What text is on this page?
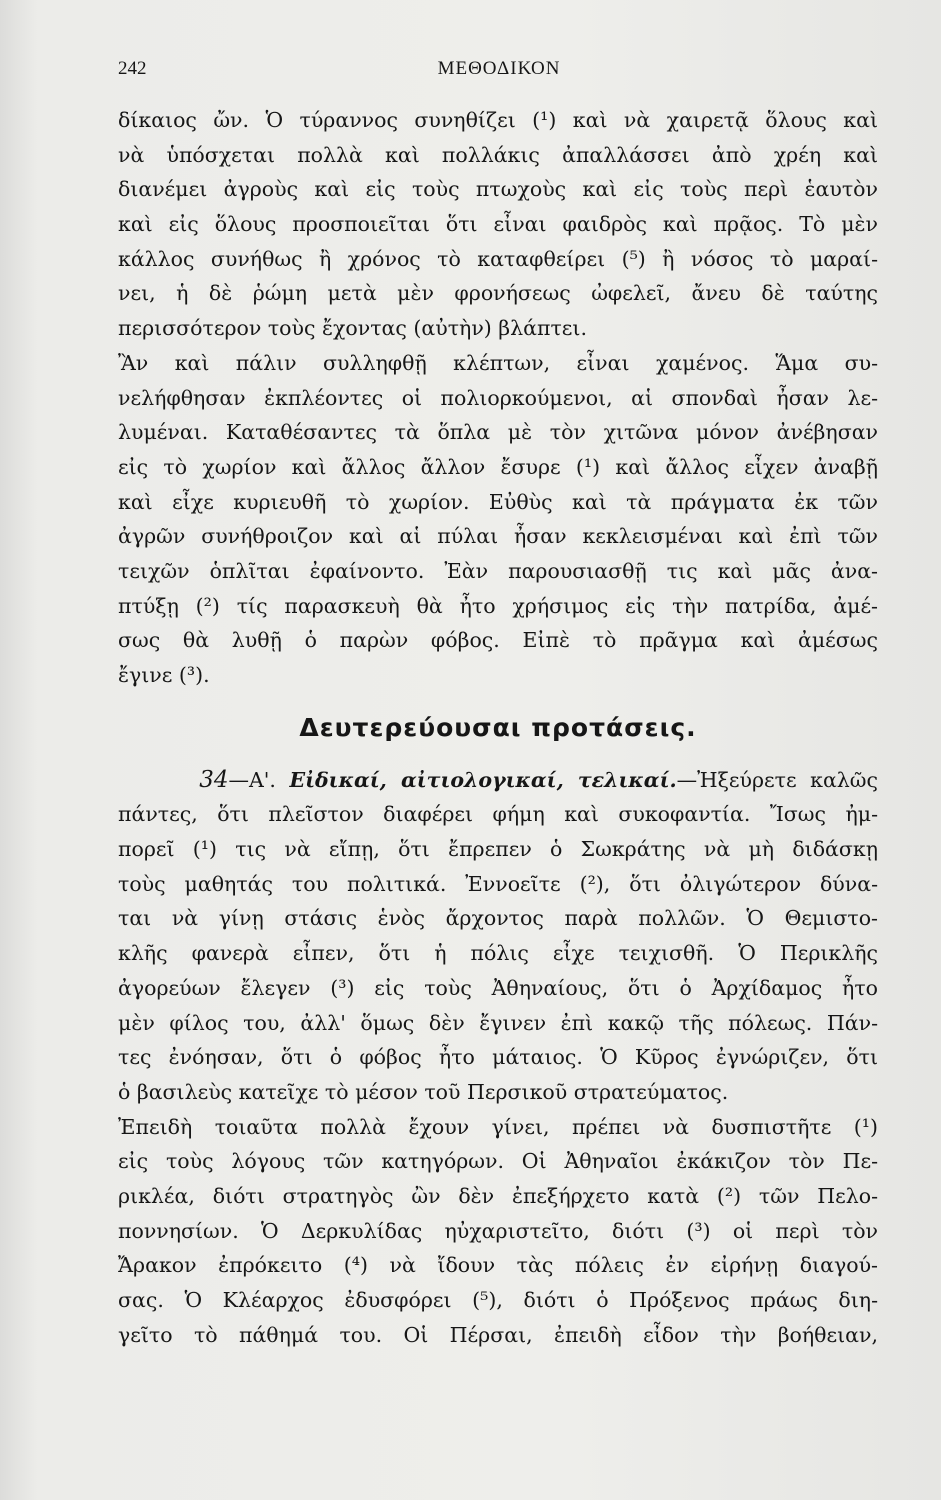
242	ΜΕΘΟΔΙΚΟΝ
δίκαιος ὤν. Ὁ τύραννος συνηθίζει (¹) καὶ νὰ χαιρετᾷ ὅλους καὶ
νὰ ὑπόσχεται πολλὰ καὶ πολλάκις ἀπαλλάσσει ἀπὸ χρέη καὶ
διανέμει ἀγροὺς καὶ εἰς τοὺς πτωχοὺς καὶ εἰς τοὺς περὶ ἑαυτὸν
καὶ εἰς ὅλους προσποιεῖται ὅτι εἶναι φαιδρὸς καὶ πρᾷος. Τὸ μὲν
κάλλος συνήθως ἢ χρόνος τὸ καταφθείρει (⁵) ἢ νόσος τὸ μαραί-
νει, ἡ δὲ ῥώμη μετὰ μὲν φρονήσεως ὠφελεῖ, ἄνευ δὲ ταύτης
περισσότερον τοὺς ἔχοντας (αὐτὴν) βλάπτει.
Ἂν καὶ πάλιν συλληφθῇ κλέπτων, εἶναι χαμένος. Ἅμα συ-
νελήφθησαν ἐκπλέοντες οἱ πολιορκούμενοι, αἱ σπονδαὶ ἦσαν λε-
λυμέναι. Καταθέσαντες τὰ ὅπλα μὲ τὸν χιτῶνα μόνον ἀνέβησαν
εἰς τὸ χωρίον καὶ ἄλλος ἄλλον ἔσυρε (¹) καὶ ἄλλος εἶχεν ἀναβῇ
καὶ εἶχε κυριευθῆ τὸ χωρίον. Εὐθὺς καὶ τὰ πράγματα ἐκ τῶν
ἀγρῶν συνήθροιζον καὶ αἱ πύλαι ἦσαν κεκλεισμέναι καὶ ἐπὶ τῶν
τειχῶν ὁπλῖται ἐφαίνοντο. Ἐὰν παρουσιασθῇ τις καὶ μᾶς ἀνα-
πτύξῃ (²) τίς παρασκευὴ θὰ ἦτο χρήσιμος εἰς τὴν πατρίδα, ἀμέ-
σως θὰ λυθῇ ὁ παρὼν φόβος. Εἰπὲ τὸ πρᾶγμα καὶ ἀμέσως
ἔγινε (³).
Δευτερεύουσαι προτάσεις.
34—Α'. Εἰδικαί, αἰτιολογικαί, τελικαί.—Ἠξεύρετε καλῶς
πάντες, ὅτι πλεῖστον διαφέρει φήμη καὶ συκοφαντία. Ἴσως ἠμ-
πορεῖ (¹) τις νὰ εἴπῃ, ὅτι ἔπρεπεν ὁ Σωκράτης νὰ μὴ διδάσκῃ
τοὺς μαθητάς του πολιτικά. Ἐννοεῖτε (²), ὅτι ὀλιγώτερον δύνα-
ται νὰ γίνῃ στάσις ἑνὸς ἄρχοντος παρὰ πολλῶν. Ὁ Θεμιστο-
κλῆς φανερὰ εἶπεν, ὅτι ἡ πόλις εἶχε τειχισθῆ. Ὁ Περικλῆς
ἀγορεύων ἔλεγεν (³) εἰς τοὺς Ἀθηναίους, ὅτι ὁ Ἀρχίδαμος ἦτο
μὲν φίλος του, ἀλλ' ὅμως δὲν ἔγινεν ἐπὶ κακῷ τῆς πόλεως. Πάν-
τες ἐνόησαν, ὅτι ὁ φόβος ἦτο μάταιος. Ὁ Κῦρος ἐγνώριζεν, ὅτι
ὁ βασιλεὺς κατεῖχε τὸ μέσον τοῦ Περσικοῦ στρατεύματος.
Ἐπειδὴ τοιαῦτα πολλὰ ἔχουν γίνει, πρέπει νὰ δυσπιστῆτε (¹)
εἰς τοὺς λόγους τῶν κατηγόρων. Οἱ Ἀθηναῖοι ἐκάκιζον τὸν Πε-
ρικλέα, διότι στρατηγὸς ὢν δὲν ἐπεξήρχετο κατὰ (²) τῶν Πελο-
ποννησίων. Ὁ Δερκυλίδας ηὐχαριστεῖτο, διότι (³) οἱ περὶ τὸν
Ἄρακον ἐπρόκειτο (⁴) νὰ ἴδουν τὰς πόλεις ἐν εἰρήνῃ διαγού-
σας. Ὁ Κλέαρχος ἐδυσφόρει (⁵), διότι ὁ Πρόξενος πράως διη-
γεῖτο τὸ πάθημά του. Οἱ Πέρσαι, ἐπειδὴ εἶδον τὴν βοήθειαν,
